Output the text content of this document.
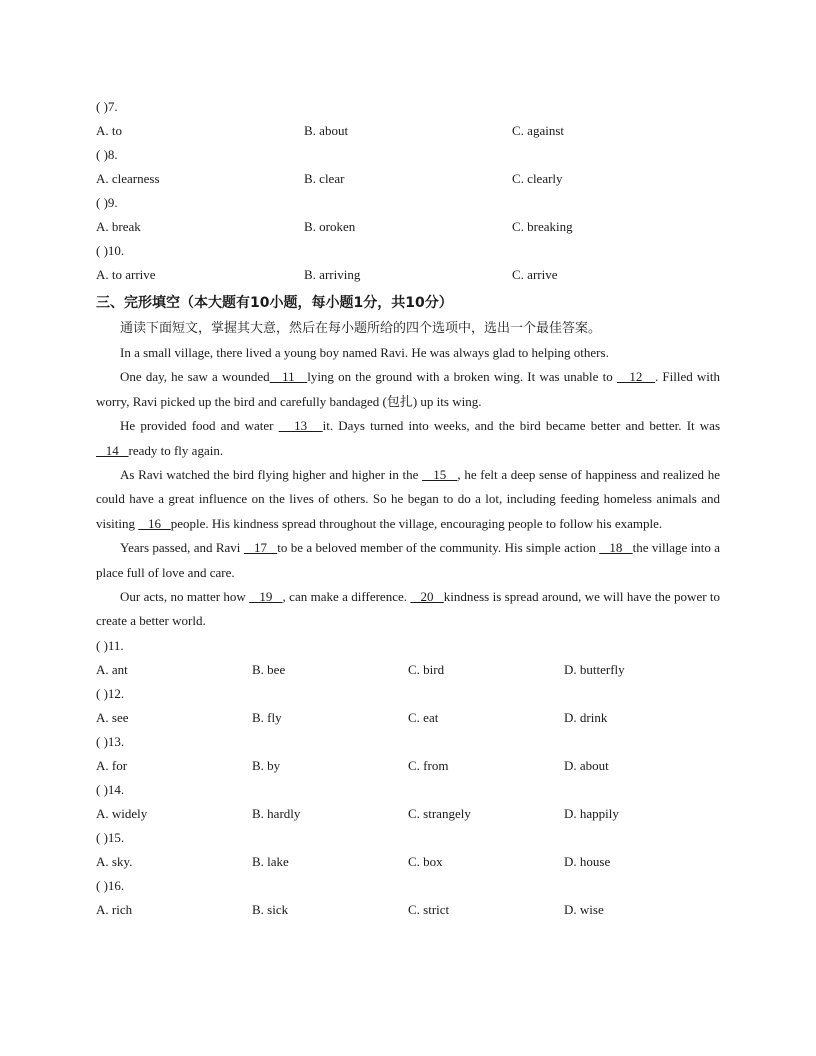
( )7.
A. to	B. about	C. against
( )8.
A. clearness	B. clear	C. clearly
( )9.
A. break	B. oroken	C. breaking
( )10.
A. to arrive	B. arriving	C. arrive
三、完形填空（本大题有10小题，每小题1分，共10分）
通读下面短文，掌握其大意，然后在每小题所给的四个选项中，选出一个最佳答案。
In a small village, there lived a young boy named Ravi. He was always glad to helping others.
One day, he saw a wounded   11   lying on the ground with a broken wing. It was unable to    12   . Filled with worry, Ravi picked up the bird and carefully bandaged (包扎) up its wing.
He provided food and water    13   it. Days turned into weeks, and the bird became better and better. It was    14   ready to fly again.
As Ravi watched the bird flying higher and higher in the    15   , he felt a deep sense of happiness and realized he could have a great influence on the lives of others. So he began to do a lot, including feeding homeless animals and visiting    16   people. His kindness spread throughout the village, encouraging people to follow his example.
Years passed, and Ravi    17   to be a beloved member of the community. His simple action    18   the village into a place full of love and care.
Our acts, no matter how    19   , can make a difference.    20   kindness is spread around, we will have the power to create a better world.
( )11.
A. ant	B. bee	C. bird	D. butterfly
( )12.
A. see	B. fly	C. eat	D. drink
( )13.
A. for	B. by	C. from	D. about
( )14.
A. widely	B. hardly	C. strangely	D. happily
( )15.
A. sky.	B. lake	C. box	D. house
( )16.
A. rich	B. sick	C. strict	D. wise
